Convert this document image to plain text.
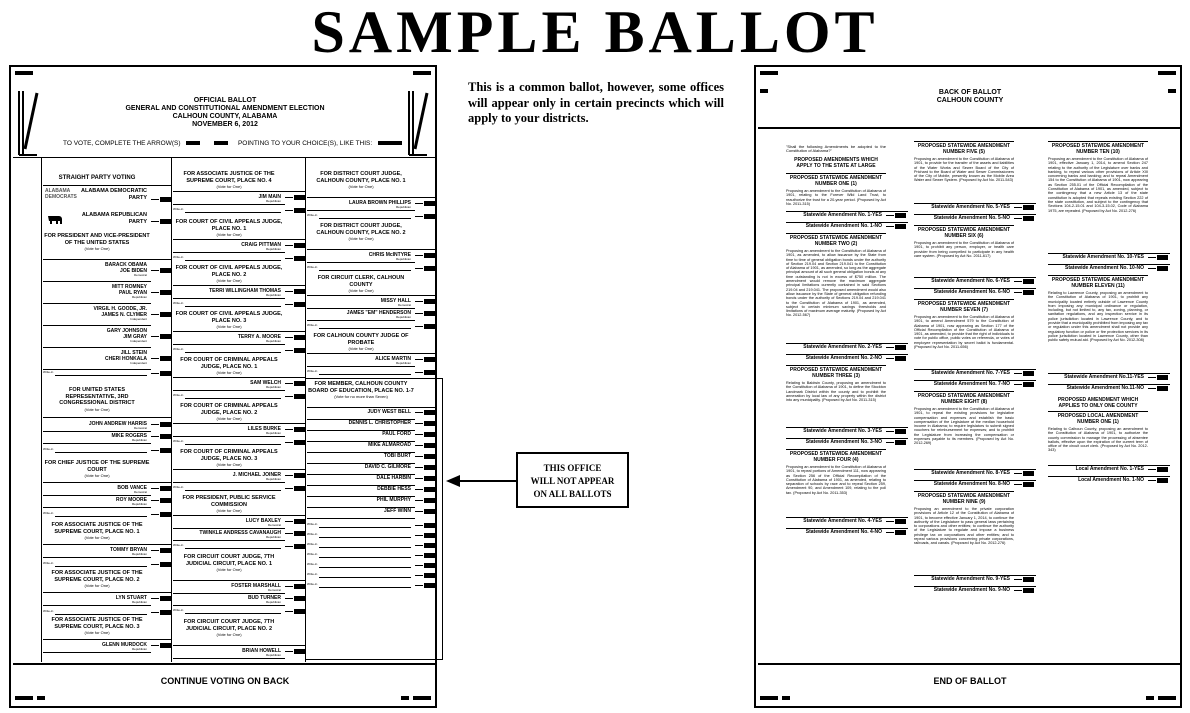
SAMPLE BALLOT
This is a common ballot, however, some offices will appear only in certain precincts which will apply to your districts.
THIS OFFICE
WILL NOT APPEAR
ON ALL BALLOTS
OFFICIAL BALLOT
GENERAL AND CONSTITUTIONAL AMENDMENT ELECTION
CALHOUN COUNTY, ALABAMA
NOVEMBER 6, 2012
TO VOTE, COMPLETE THE ARROW(S)	POINTING TO YOUR CHOICE(S), LIKE THIS:
STRAIGHT PARTY VOTING
ALABAMA DEMOCRATS
ALABAMA DEMOCRATIC PARTY
ALABAMA REPUBLICAN PARTY
FOR PRESIDENT AND VICE-PRESIDENT OF THE UNITED STATES
(Vote for One)
BARACK OBAMA
JOE BIDEN
Democrat
MITT ROMNEY
PAUL RYAN
Republican
VIRGIL H. GOODE, JR.
JAMES N. CLYMER
Independent
GARY JOHNSON
JIM GRAY
Independent
JILL STEIN
CHERI HONKALA
Independent
Write-in
FOR UNITED STATES REPRESENTATIVE, 3RD CONGRESSIONAL DISTRICT
(Vote for One)
JOHN ANDREW HARRIS
Democrat
MIKE ROGERS
Republican
Write-in
FOR CHIEF JUSTICE OF THE SUPREME COURT
(Vote for One)
BOB VANCE
Democrat
ROY MOORE
Republican
Write-in
FOR ASSOCIATE JUSTICE OF THE SUPREME COURT, PLACE NO. 1
(Vote for One)
TOMMY BRYAN
Republican
Write-in
FOR ASSOCIATE JUSTICE OF THE SUPREME COURT, PLACE NO. 2
(Vote for One)
LYN STUART
Republican
Write-in
FOR ASSOCIATE JUSTICE OF THE SUPREME COURT, PLACE NO. 3
(Vote for One)
GLENN MURDOCK
Republican
FOR ASSOCIATE JUSTICE OF THE SUPREME COURT, PLACE NO. 4
(Vote for One)
JIM MAIN
Republican
Write-in
FOR COURT OF CIVIL APPEALS JUDGE, PLACE NO. 1
(Vote for One)
CRAIG PITTMAN
Republican
Write-in
FOR COURT OF CIVIL APPEALS JUDGE, PLACE NO. 2
(Vote for One)
TERRI WILLINGHAM THOMAS
Republican
Write-in
FOR COURT OF CIVIL APPEALS JUDGE, PLACE NO. 3
(Vote for One)
TERRY A. MOORE
Republican
Write-in
FOR COURT OF CRIMINAL APPEALS JUDGE, PLACE NO. 1
(Vote for One)
SAM WELCH
Republican
Write-in
FOR COURT OF CRIMINAL APPEALS JUDGE, PLACE NO. 2
(Vote for One)
LILES BURKE
Republican
Write-in
FOR COURT OF CRIMINAL APPEALS JUDGE, PLACE NO. 3
(Vote for One)
J. MICHAEL JOINER
Republican
Write-in
FOR PRESIDENT, PUBLIC SERVICE COMMISSION
(Vote for One)
LUCY BAXLEY
Democrat
TWINKLE ANDRESS CAVANAUGH
Republican
Write-in
FOR CIRCUIT COURT JUDGE, 7TH JUDICIAL CIRCUIT, PLACE NO. 1
(Vote for One)
FOSTER MARSHALL
Democrat
BUD TURNER
Republican
Write-in
FOR CIRCUIT COURT JUDGE, 7TH JUDICIAL CIRCUIT, PLACE NO. 2
(Vote for One)
BRIAN HOWELL
Republican
FOR DISTRICT COURT JUDGE, CALHOUN COUNTY, PLACE NO. 1
(Vote for One)
LAURA BROWN PHILLIPS
Republican
Write-in
FOR DISTRICT COURT JUDGE, CALHOUN COUNTY, PLACE NO. 2
(Vote for One)
CHRIS McINTYRE
Republican
Write-in
FOR CIRCUIT CLERK, CALHOUN COUNTY
(Vote for One)
MISSY HALL
Democrat
JAMES "EM" HENDERSON
Republican
Write-in
FOR CALHOUN COUNTY JUDGE OF PROBATE
(Vote for One)
ALICE MARTIN
Republican
Write-in
FOR MEMBER, CALHOUN COUNTY BOARD OF EDUCATION, PLACE NO. 1-7
(Vote for no more than Seven)
JUDY WEST BELL
DENNIS L. CHRISTOPHER
PAUL FORD
MIKE ALMAROAD
TOBI BURT
DAVID C. GILMORE
DALE HARBIN
DEBBIE HESS
PHIL MURPHY
JEFF WINN
Write-in
Write-in
Write-in
Write-in
Write-in
Write-in
Write-in
CONTINUE VOTING ON BACK
BACK OF BALLOT
CALHOUN COUNTY
"Shall the following Amendments be adopted to the Constitution of Alabama?"
PROPOSED AMENDMENTS WHICH APPLY TO THE STATE AT LARGE
PROPOSED STATEWIDE AMENDMENT NUMBER ONE (1)
Proposing an amendment to the Constitution of Alabama of 1901, relating to the Forever Wild Land Trust, to reauthorize the trust for a 20-year period. (Proposed by Act No. 2011-315)
Statewide Amendment No. 1-YES
Statewide Amendment No. 1-NO
PROPOSED STATEWIDE AMENDMENT NUMBER TWO (2)
Proposing an amendment to the Constitution of Alabama of 1901, as amended, to allow issuance by the State from time to time of general obligation bonds under the authority of Section 219.04 and Section 219.041 to the Constitution of Alabama of 1901, as amended, so long as the aggregate principal amount of all such general obligation bonds at any time outstanding is not in excess of $750 million. The amendment would remove the maximum aggregate principal limitations currently contained in said Sections 219.04 and 219.041. The proposed amendment would also allow issuance by the State of general obligation refunding bonds under the authority of Sections 219.04 and 219.041 to the Constitution of Alabama of 1901, as amended, subject to certain minimum savings thresholds and limitations of maximum average maturity. (Proposed by Act No. 2012-567)
Statewide Amendment No. 2-YES
Statewide Amendment No. 2-NO
PROPOSED STATEWIDE AMENDMENT NUMBER THREE (3)
Relating to Baldwin County, proposing an amendment to the Constitution of Alabama of 1901, to define the Stockton Landmark District within the county and to prohibit the annexation by local law of any property within the district into any municipality. (Proposed by Act No. 2011-315)
Statewide Amendment No. 3-YES
Statewide Amendment No. 3-NO
PROPOSED STATEWIDE AMENDMENT NUMBER FOUR (4)
Proposing an amendment to the Constitution of Alabama of 1901, to repeal portions of Amendment 111, now appearing as Section 256 of the Official Recompilation of the Constitution of Alabama of 1901, as amended, relating to separation of schools by race and to repeal Section 259, Amendment 90, and Amendment 109, relating to the poll tax. (Proposed by Act No. 2011-353)
Statewide Amendment No. 4-YES
Statewide Amendment No. 4-NO
PROPOSED STATEWIDE AMENDMENT NUMBER FIVE (5)
Proposing an amendment to the Constitution of Alabama of 1901, to provide for the transfer of the assets and liabilities of the Water Works and Sewer Board of the City of Prichard to the Board of Water and Sewer Commissioners of the City of Mobile, presently known as the Mobile Area Water and Sewer System. (Proposed by Act No. 2011-543)
Statewide Amendment No. 5-YES
Statewide Amendment No. 5-NO
PROPOSED STATEWIDE AMENDMENT NUMBER SIX (6)
Proposing an amendment to the Constitution of Alabama of 1901, to prohibit any person, employer, or health care provider from being compelled to participate in any health care system. (Proposed by Act No. 2011-617)
Statewide Amendment No. 6-YES
Statewide Amendment No. 6-NO
PROPOSED STATEWIDE AMENDMENT NUMBER SEVEN (7)
Proposing an amendment to the Constitution of Alabama of 1901, to amend Amendment 579 to the Constitution of Alabama of 1901, now appearing as Section 177 of the Official Recompilation of the Constitution of Alabama of 1901, as amended, to provide that the right of individuals to vote for public office, public votes on referenda, or votes of employee representation by secret ballot is fundamental. (Proposed by Act No. 2011-656)
Statewide Amendment No. 7-YES
Statewide Amendment No. 7-NO
PROPOSED STATEWIDE AMENDMENT NUMBER EIGHT (8)
Proposing an amendment to the Constitution of Alabama of 1901, to repeal the existing provisions for legislative compensation and expenses and establish the basic compensation of the Legislature at the median household income in Alabama; to require legislators to submit signed vouchers for reimbursement for expenses; and to prohibit the Legislature from increasing the compensation or expenses payable to its members. (Proposed by Act No. 2012-269)
Statewide Amendment No. 8-YES
Statewide Amendment No. 8-NO
PROPOSED STATEWIDE AMENDMENT NUMBER NINE (9)
Proposing an amendment to the private corporation provisions of Article 12 of the Constitution of Alabama of 1901, to become effective January 1, 2014, to continue the authority of the Legislature to pass general laws pertaining to corporations and other entities; to continue the authority of the Legislature to regulate and impose a business privilege tax on corporations and other entities; and to repeal various provisions concerning private corporations, railroads, and canals. (Proposed by Act No. 2012-276)
Statewide Amendment No. 9-YES
Statewide Amendment No. 9-NO
PROPOSED STATEWIDE AMENDMENT NUMBER TEN (10)
Proposing an amendment to the Constitution of Alabama of 1901, effective January 1, 2014, to amend Section 247 relating to the authority of the Legislature over banks and banking, to repeal various other provisions of Article XIII concerning banks and banking; and to repeal Amendment 154 to the Constitution of Alabama of 1901, now appearing as Section 255.01 of the Official Recompilation of the Constitution of Alabama of 1901, as amended, subject to the contingency that a new Article 13 of the state constitution is adopted that repeals existing Section 222 of the state constitution, and subject to the contingency that Sections 104-2-15.01 and 104-3-15.02, Code of Alabama 1975, are repealed. (Proposed by Act No. 2012-276)
Statewide Amendment No. 10-YES
Statewide Amendment No. 10-NO
PROPOSED STATEWIDE AMENDMENT NUMBER ELEVEN (11)
Relating to Lawrence County, proposing an amendment to the Constitution of Alabama of 1901, to prohibit any municipality located entirely outside of Lawrence County from imposing any municipal ordinance or regulation, including, but not limited to, any tax, zoning, planning, or sanitation regulations, and any inspection service in its police jurisdiction located in Lawrence County, and to provide that a municipality prohibited from imposing any tax or regulation under this amendment shall not provide any regulatory function or police or fire protection services in its police jurisdiction located in Lawrence County, other than public safety mutual aid. (Proposed by Act No. 2012-308)
Statewide Amendment No.11-YES
Statewide Amendment No.11-NO
PROPOSED AMENDMENT WHICH APPLIES TO ONLY ONE COUNTY
PROPOSED LOCAL AMENDMENT NUMBER ONE (1)
Relating to Calhoun County, proposing an amendment to the Constitution of Alabama of 1901, to authorize the county commission to manage the processing of absentee ballots, effective upon the expiration of the current term of office of the circuit court clerk. (Proposed by Act No. 2012-343)
Local Amendment No. 1-YES
Local Amendment No. 1-NO
END OF BALLOT
